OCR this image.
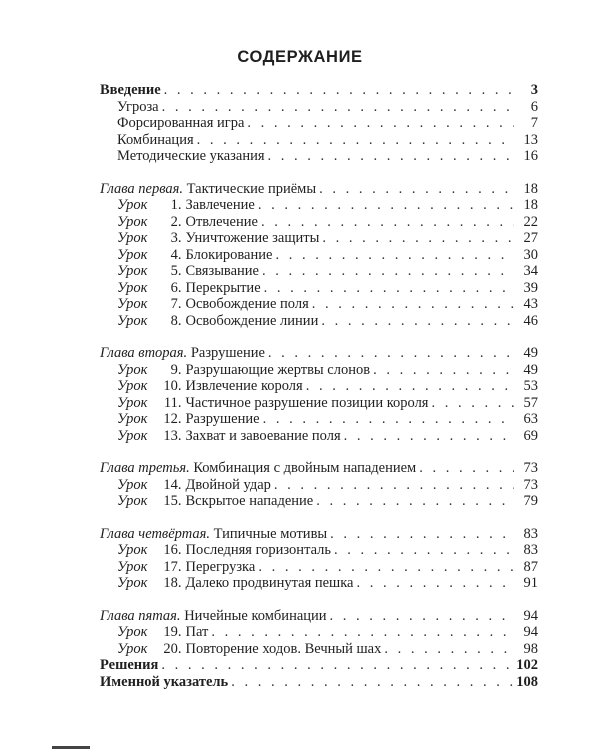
СОДЕРЖАНИЕ
Введение . . .	3
Угроза . . .	6
Форсированная игра . . .	7
Комбинация . . .	13
Методические указания . . .	16
Глава первая. Тактические приёмы . . .	18
Урок 1. Завлечение . . .	18
Урок 2. Отвлечение . . .	22
Урок 3. Уничтожение защиты . . .	27
Урок 4. Блокирование . . .	30
Урок 5. Связывание . . .	34
Урок 6. Перекрытие . . .	39
Урок 7. Освобождение поля . . .	43
Урок 8. Освобождение линии . . .	46
Глава вторая. Разрушение . . .	49
Урок 9. Разрушающие жертвы слонов . . .	49
Урок 10. Извлечение короля . . .	53
Урок 11. Частичное разрушение позиции короля . . .	57
Урок 12. Разрушение . . .	63
Урок 13. Захват и завоевание поля . . .	69
Глава третья. Комбинация с двойным нападением . . .	73
Урок 14. Двойной удар . . .	73
Урок 15. Вскрытое нападение . . .	79
Глава четвёртая. Типичные мотивы . . .	83
Урок 16. Последняя горизонталь . . .	83
Урок 17. Перегрузка . . .	87
Урок 18. Далеко продвинутая пешка . . .	91
Глава пятая. Ничейные комбинации . . .	94
Урок 19. Пат . . .	94
Урок 20. Повторение ходов. Вечный шах . . .	98
Решения . . .	102
Именной указатель . . .	108
